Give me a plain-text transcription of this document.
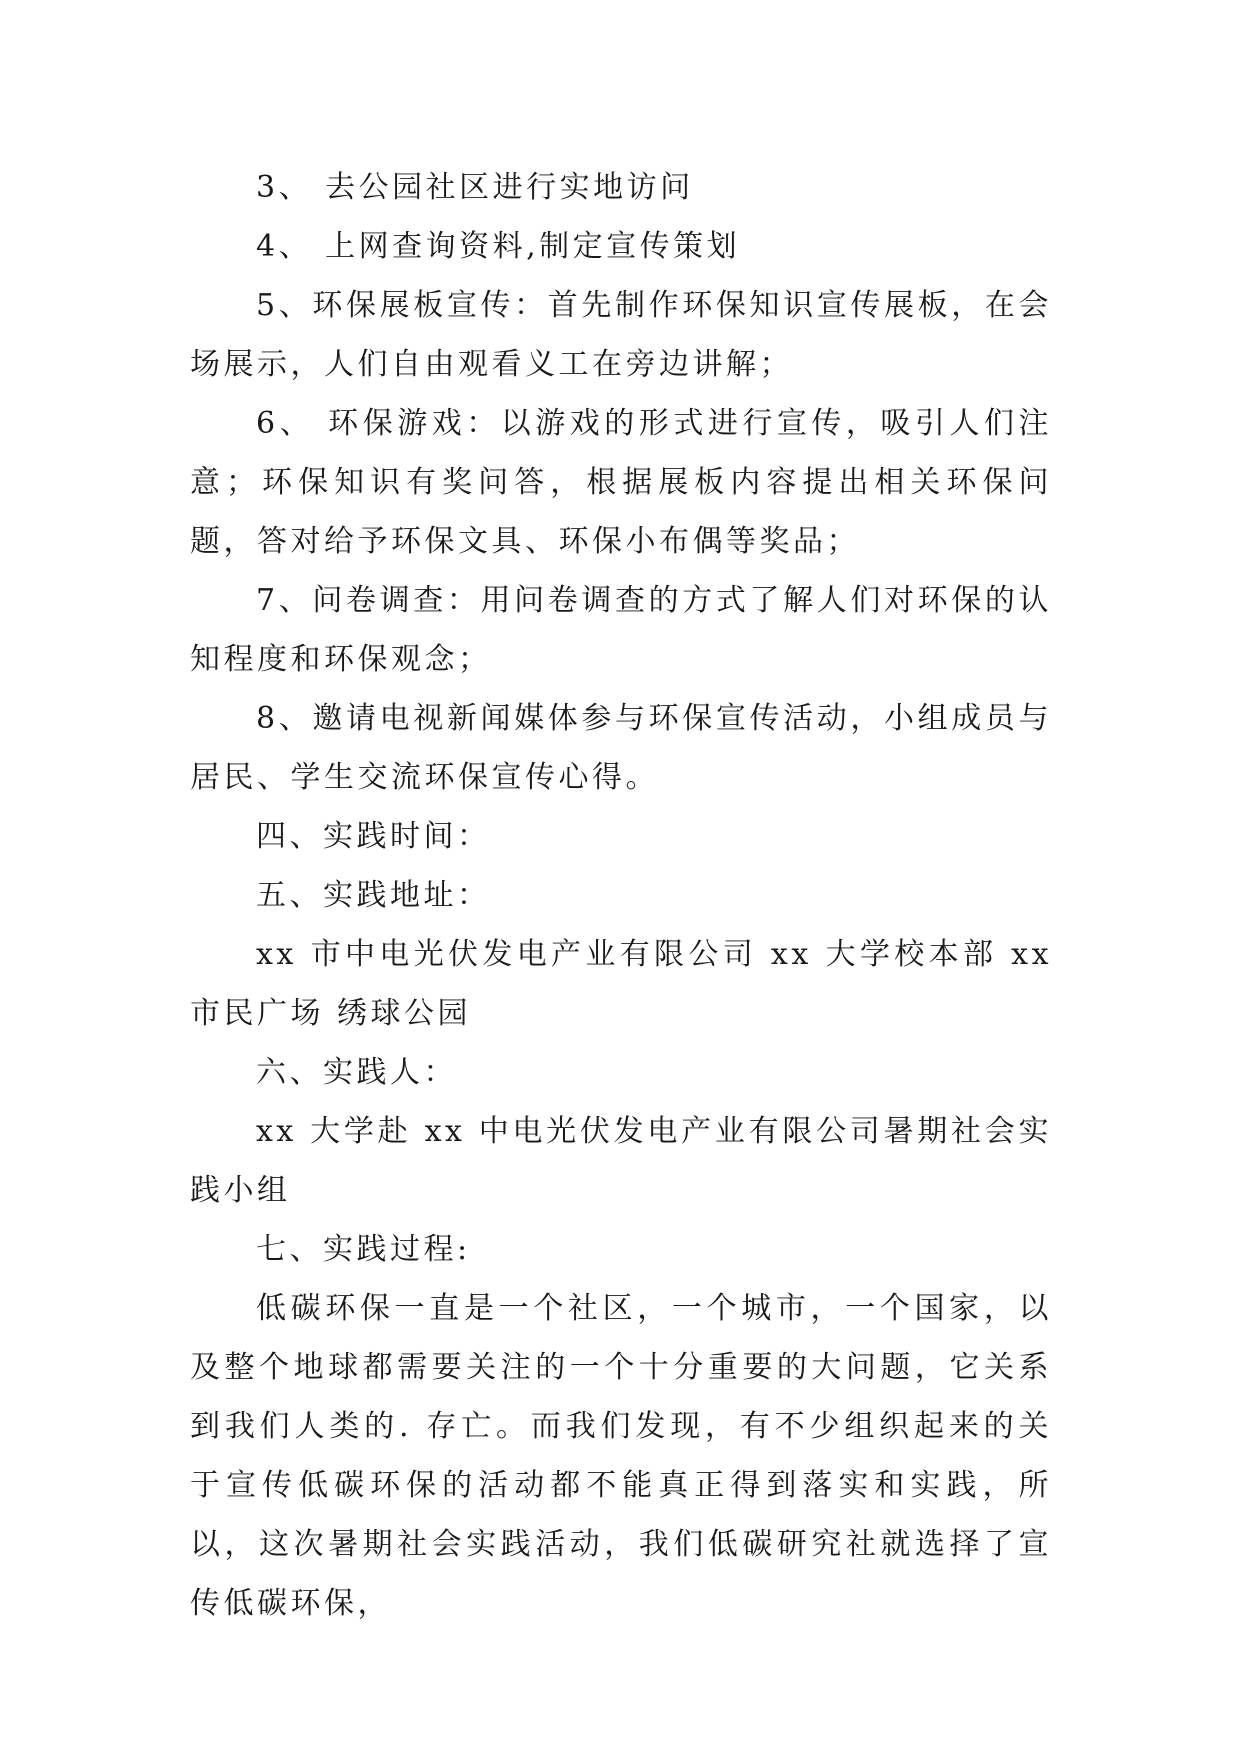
3、 去公园社区进行实地访问

4、 上网查询资料,制定宣传策划

5、环保展板宣传：首先制作环保知识宣传展板，在会场展示，人们自由观看义工在旁边讲解；

6、 环保游戏：以游戏的形式进行宣传，吸引人们注意；环保知识有奖问答，根据展板内容提出相关环保问题，答对给予环保文具、环保小布偶等奖品；

7、问卷调查：用问卷调查的方式了解人们对环保的认知程度和环保观念；

8、邀请电视新闻媒体参与环保宣传活动，小组成员与居民、学生交流环保宣传心得。

四、实践时间：

五、实践地址：

xx 市中电光伏发电产业有限公司 xx 大学校本部 xx 市民广场 绣球公园

六、实践人：

xx 大学赴 xx 中电光伏发电产业有限公司暑期社会实践小组

七、实践过程:

低碳环保一直是一个社区，一个城市，一个国家，以及整个地球都需要关注的一个十分重要的大问题，它关系到我们人类的. 存亡。而我们发现，有不少组织起来的关于宣传低碳环保的活动都不能真正得到落实和实践，所以，这次暑期社会实践活动，我们低碳研究社就选择了宣传低碳环保，
